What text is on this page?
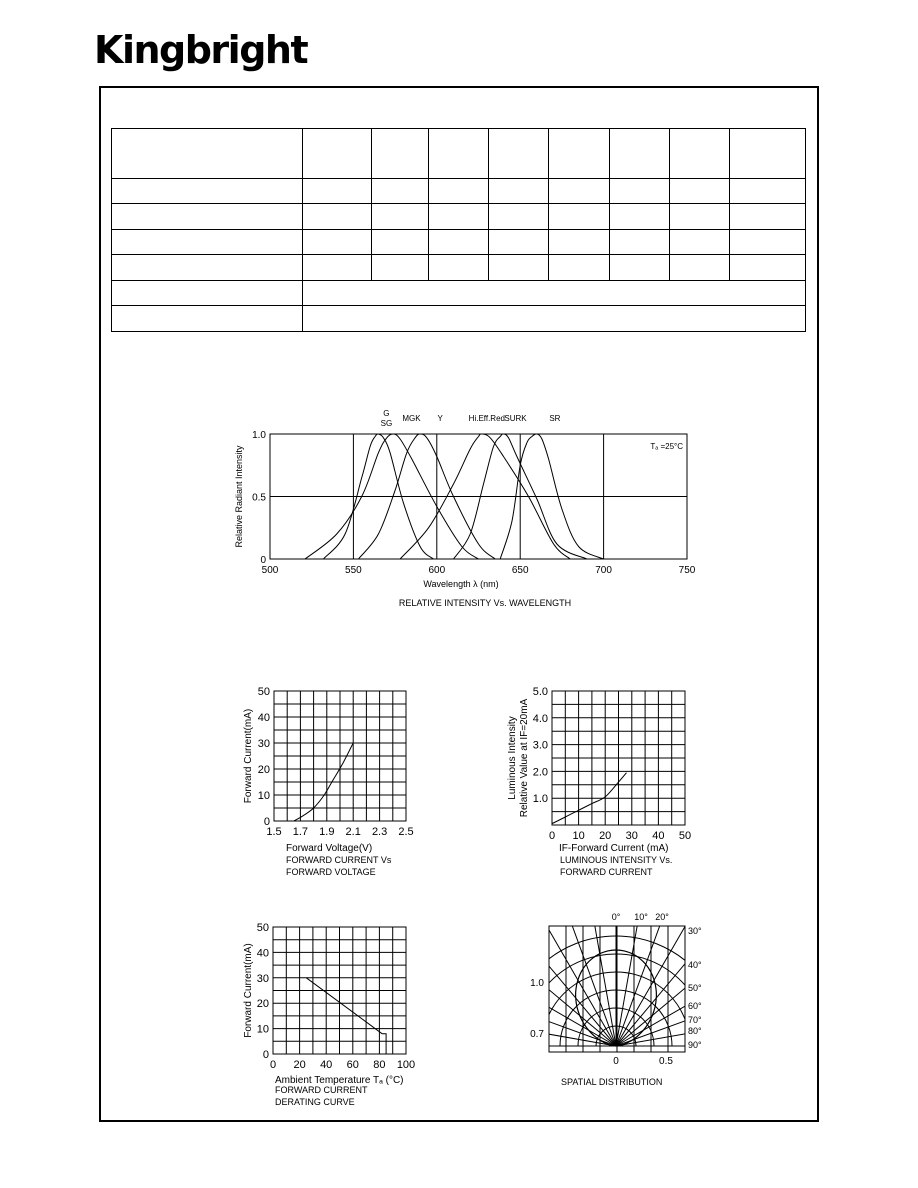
Kingbright

500	550	600	650	700	750
0
0.5
1.0
G
SG
MGK Y	Hi.Eff.Red SURK	SR
Tₐ =25°C
Wavelength λ (nm)
Relative Radiant Intensity
RELATIVE INTENSITY Vs. WAVELENGTH
1.5 1.7 1.9 2.1 2.3 2.5
0
10
20
30
40
50
Forward Voltage(V)
Forward Current(mA)
FORWARD CURRENT Vs
FORWARD VOLTAGE
0 10 20 30 40 50
1.0
2.0
3.0
4.0
5.0
IF-Forward Current (mA)
Luminous Intensity Relative Value at IF=20mA
LUMINOUS INTENSITY Vs.
FORWARD CURRENT
0 20 40 60 80 100
0
10
20
30
40
50
Ambient Temperature Tₐ (°C)
Forward Current(mA)
FORWARD CURRENT
DERATING CURVE
0° 10° 20°
30°
40°
50°
60°
70°
80°
90°
1.0
0.7
0	0.5
SPATIAL DISTRIBUTION
